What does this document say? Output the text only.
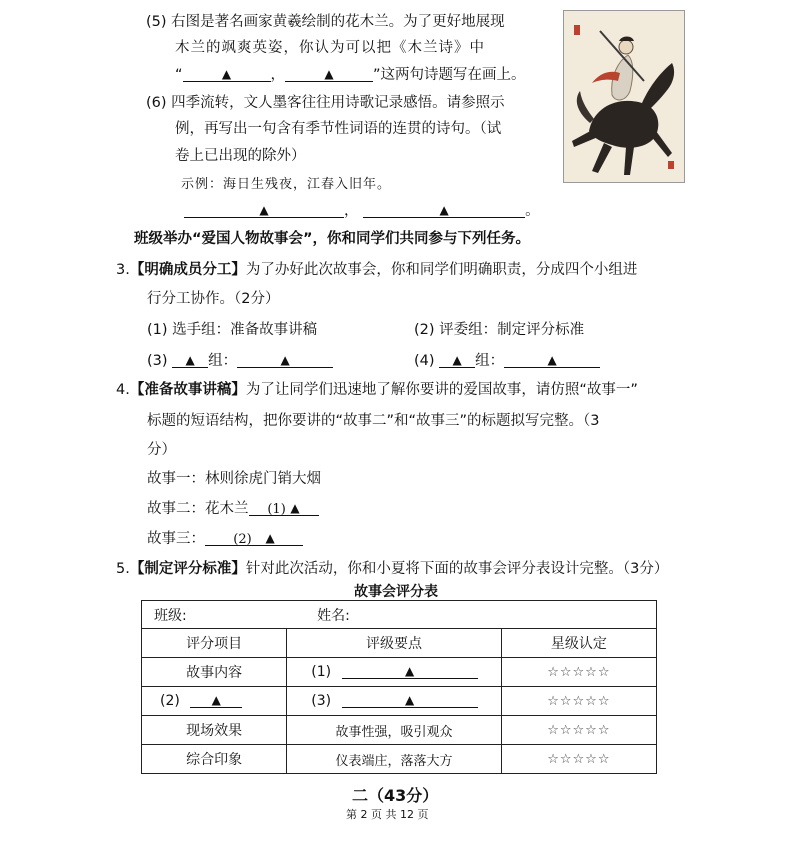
(5) 右图是著名画家黄羲绘制的花木兰。为了更好地展现
木兰的飒爽英姿，你认为可以把《木兰诗》中
“	▲	，	▲	”这两句诗题写在画上。
(6) 四季流转，文人墨客往往用诗歌记录感悟。请参照示
例，再写出一句含有季节性词语的连贯的诗句。（试
卷上已出现的除外）
示例：海日生残夜，江春入旧年。
▲	，	▲	。
班级举办“爱国人物故事会”，你和同学们共同参与下列任务。
3.【明确成员分工】为了办好此次故事会，你和同学们明确职责，分成四个小组进
行分工协作。（2分）
(1) 选手组：准备故事讲稿	(2) 评委组：制定评分标准
(3) ▲ 组：	▲	(4) ▲ 组：	▲
4.【准备故事讲稿】为了让同学们迅速地了解你要讲的爱国故事，请仿照“故事一”
标题的短语结构，把你要讲的“故事二”和“故事三”的标题拟写完整。（3
分）
故事一：林则徐虎门销大烟
故事二：花木兰 (1) ▲
故事三： (2) ▲
5.【制定评分标准】针对此次活动，你和小夏将下面的故事会评分表设计完整。（3分）
故事会评分表
班级: 姓名:		
评分项目	评级要点	星级认定
故事内容	(1) ▲	☆☆☆☆☆
(2) ▲	(3) ▲	☆☆☆☆☆
现场效果	故事性强，吸引观众	☆☆☆☆☆
综合印象	仪表端庄，落落大方	☆☆☆☆☆
二（43分）
第 2 页 共 12 页
